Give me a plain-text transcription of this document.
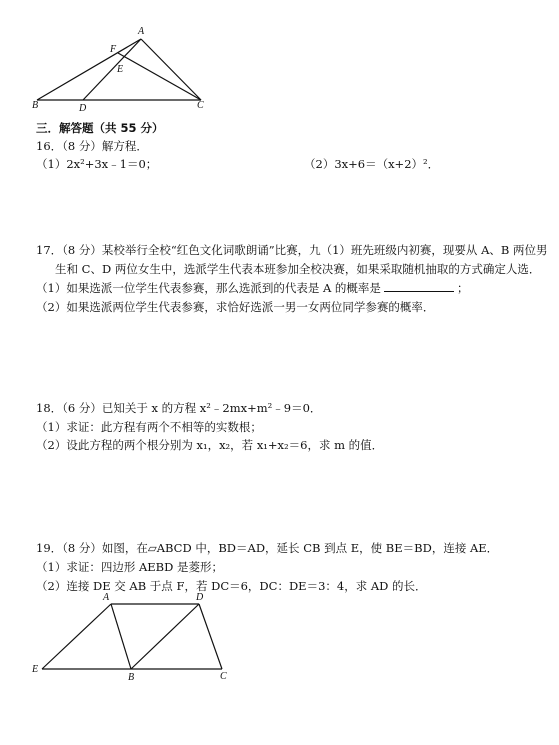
A
F
E
B	D	C
三．解答题（共 55 分）
16．（8 分）解方程．
（1）2x²+3x﹣1＝0；	（2）3x+6＝（x+2）²．
17．（8 分）某校举行全校“红色文化词歌朗诵”比赛，九（1）班先班级内初赛，现要从 A、B 两位男
生和 C、D 两位女生中，选派学生代表本班参加全校决赛，如果采取随机抽取的方式确定人选．
（1）如果选派一位学生代表参赛，那么选派到的代表是 A 的概率是	；
（2）如果选派两位学生代表参赛，求恰好选派一男一女两位同学参赛的概率．
18．（6 分）已知关于 x 的方程 x²﹣2mx+m²﹣9＝0．
（1）求证：此方程有两个不相等的实数根；
（2）设此方程的两个根分别为 x₁，x₂，若 x₁+x₂＝6，求 m 的值．
19．（8 分）如图，在▱ABCD 中，BD＝AD，延长 CB 到点 E，使 BE＝BD，连接 AE．
（1）求证：四边形 AEBD 是菱形；
（2）连接 DE 交 AB 于点 F，若 DC＝6，DC：DE＝3：4，求 AD 的长．
A	D
E
B	C
